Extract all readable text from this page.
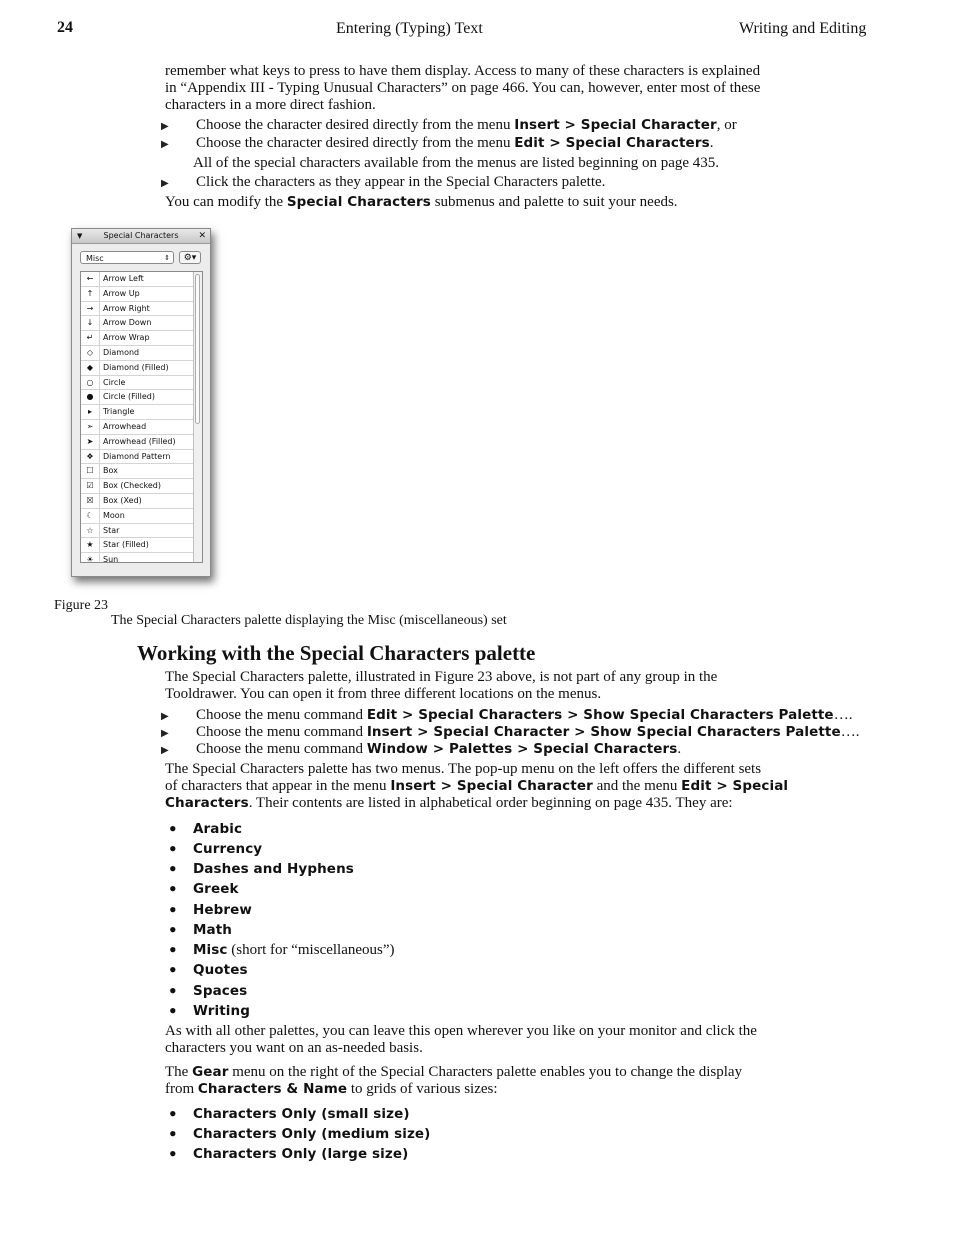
24	Entering (Typing) Text	Writing and Editing
remember what keys to press to have them display. Access to many of these characters is explained
in “Appendix III - Typing Unusual Characters” on page 466. You can, however, enter most of these
characters in a more direct fashion.
▶ Choose the character desired directly from the menu Insert > Special Character, or
▶ Choose the character desired directly from the menu Edit > Special Characters.
All of the special characters available from the menus are listed beginning on page 435.
▶ Click the characters as they appear in the Special Characters palette.
You can modify the Special Characters submenus and palette to suit your needs.
▼	Special Characters ✕
Misc	⇕	⚙▾
←	Arrow Left
↑	Arrow Up
→	Arrow Right
↓	Arrow Down
↵	Arrow Wrap
◇	Diamond
◆	Diamond (Filled)
○	Circle
●	Circle (Filled)
▸	Triangle
➣	Arrowhead
➤	Arrowhead (Filled)
❖	Diamond Pattern
☐	Box
☑	Box (Checked)
☒	Box (Xed)
☾	Moon
☆	Star
★	Star (Filled)
☀	Sun
Figure 23
The Special Characters palette displaying the Misc (miscellaneous) set
Working with the Special Characters palette
The Special Characters palette, illustrated in Figure 23 above, is not part of any group in the
Tooldrawer. You can open it from three different locations on the menus.
▶ Choose the menu command Edit > Special Characters > Show Special Characters Palette….
▶ Choose the menu command Insert > Special Character > Show Special Characters Palette….
▶ Choose the menu command Window > Palettes > Special Characters.
The Special Characters palette has two menus. The pop-up menu on the left offers the different sets
of characters that appear in the menu Insert > Special Character and the menu Edit > Special
Characters. Their contents are listed in alphabetical order beginning on page 435. They are:
• Arabic
• Currency
• Dashes and Hyphens
• Greek
• Hebrew
• Math
• Misc (short for “miscellaneous”)
• Quotes
• Spaces
• Writing
As with all other palettes, you can leave this open wherever you like on your monitor and click the
characters you want on an as-needed basis.
The Gear menu on the right of the Special Characters palette enables you to change the display
from Characters & Name to grids of various sizes:
• Characters Only (small size)
• Characters Only (medium size)
• Characters Only (large size)
